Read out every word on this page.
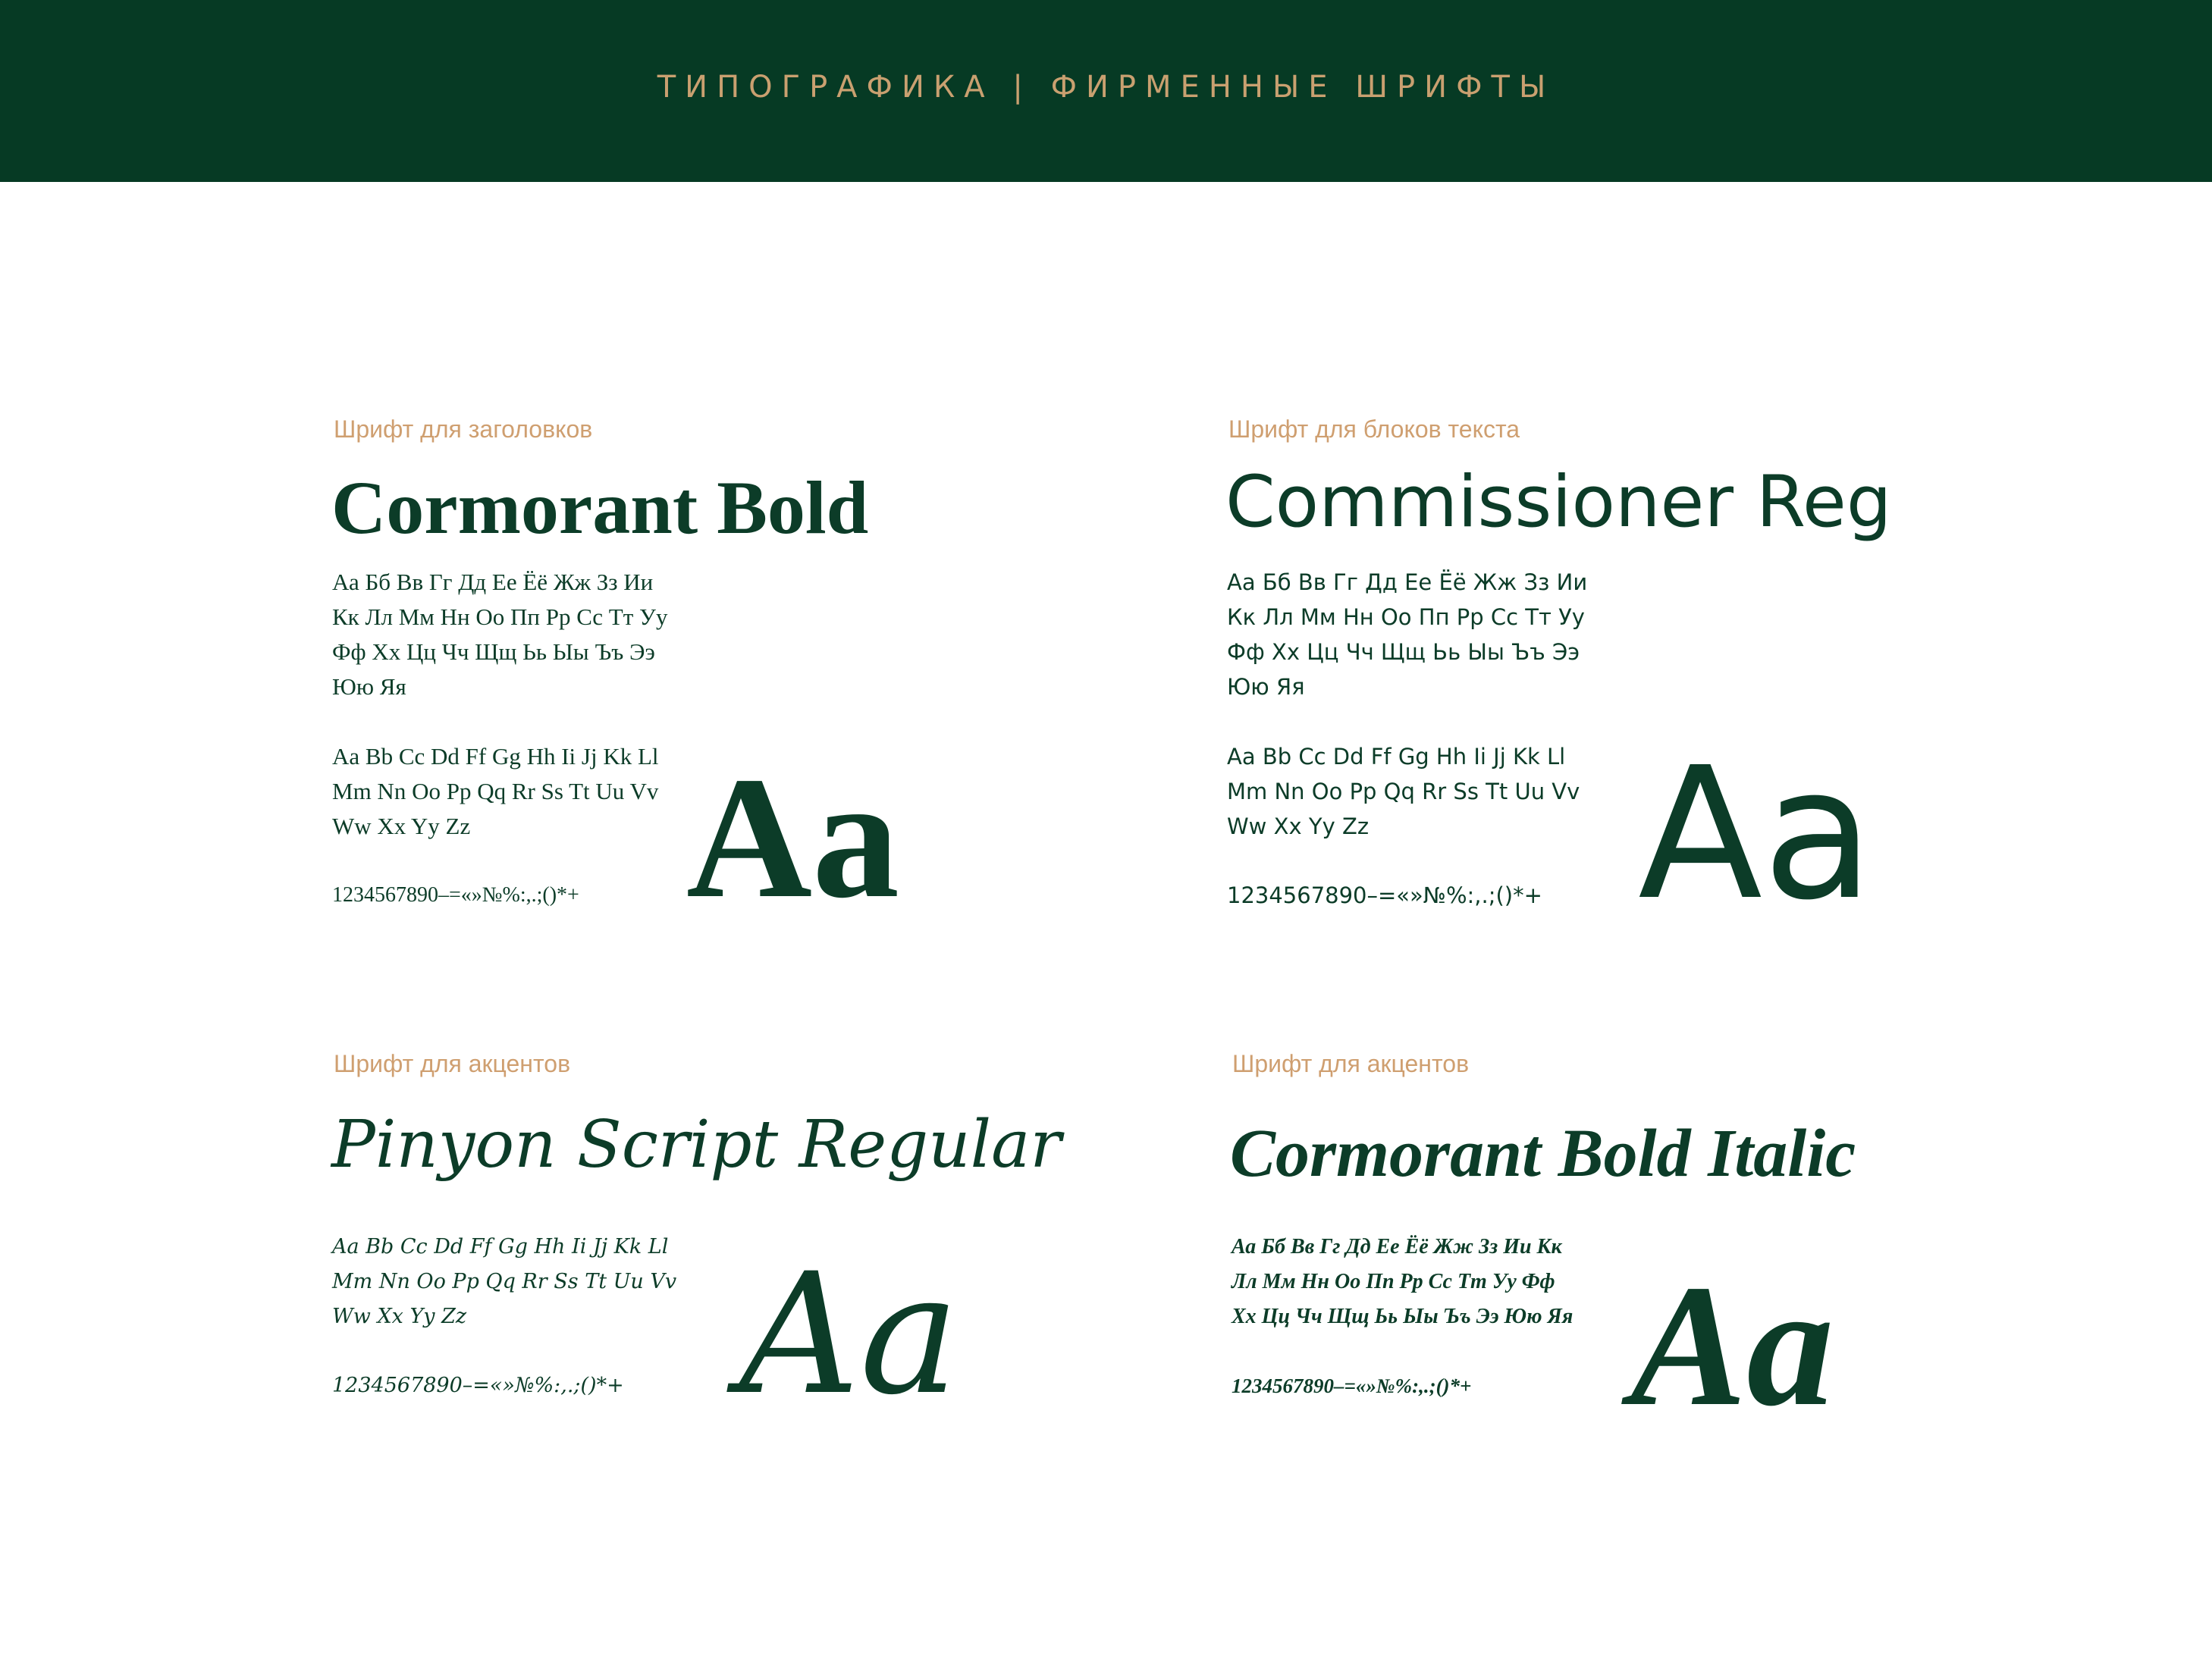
ТИПОГРАФИКА | ФИРМЕННЫЕ ШРИФТЫ
Шрифт для заголовков
Cormorant Bold
Аа Бб Вв Гг Дд Ее Ёё Жж Зз Ии
Кк Лл Мм Нн Оо Пп Рр Сс Тт Уу
Фф Хх Цц Чч Щщ Ьь Ыы Ъъ Ээ
Юю Яя
Aa Bb Cc Dd Ff Gg Hh Ii Jj Kk Ll
Mm Nn Oo Pp Qq Rr Ss Tt Uu Vv
Ww Xx Yy Zz
1234567890–=«»№%:,.;()*+ Aa
Шрифт для блоков текста
Commissioner Reg
Аа Бб Вв Гг Дд Ее Ёё Жж Зз Ии
Кк Лл Мм Нн Оо Пп Рр Сс Тт Уу
Фф Хх Цц Чч Щщ Ьь Ыы Ъъ Ээ
Юю Яя
Aa Bb Cc Dd Ff Gg Hh Ii Jj Kk Ll
Mm Nn Oo Pp Qq Rr Ss Tt Uu Vv
Ww Xx Yy Zz
1234567890–=«»№%:,.;()*+ Aa
Шрифт для акцентов
Pinyon Script Regular
Aa Bb Cc Dd Ff Gg Hh Ii Jj Kk Ll
Mm Nn Oo Pp Qq Rr Ss Tt Uu Vv
Ww Xx Yy Zz
1234567890–=«»№%:,.;()*+ Aa
Шрифт для акцентов
Cormorant Bold Italic
Аа Бб Вв Гг Дд Ее Ёё Жж Зз Ии Кк
Лл Мм Нн Оо Пп Рр Сс Тт Уу Фф
Хх Цц Чч Щщ Ьь Ыы Ъъ Ээ Юю Яя
1234567890–=«»№%:,.;()*+ Aa
